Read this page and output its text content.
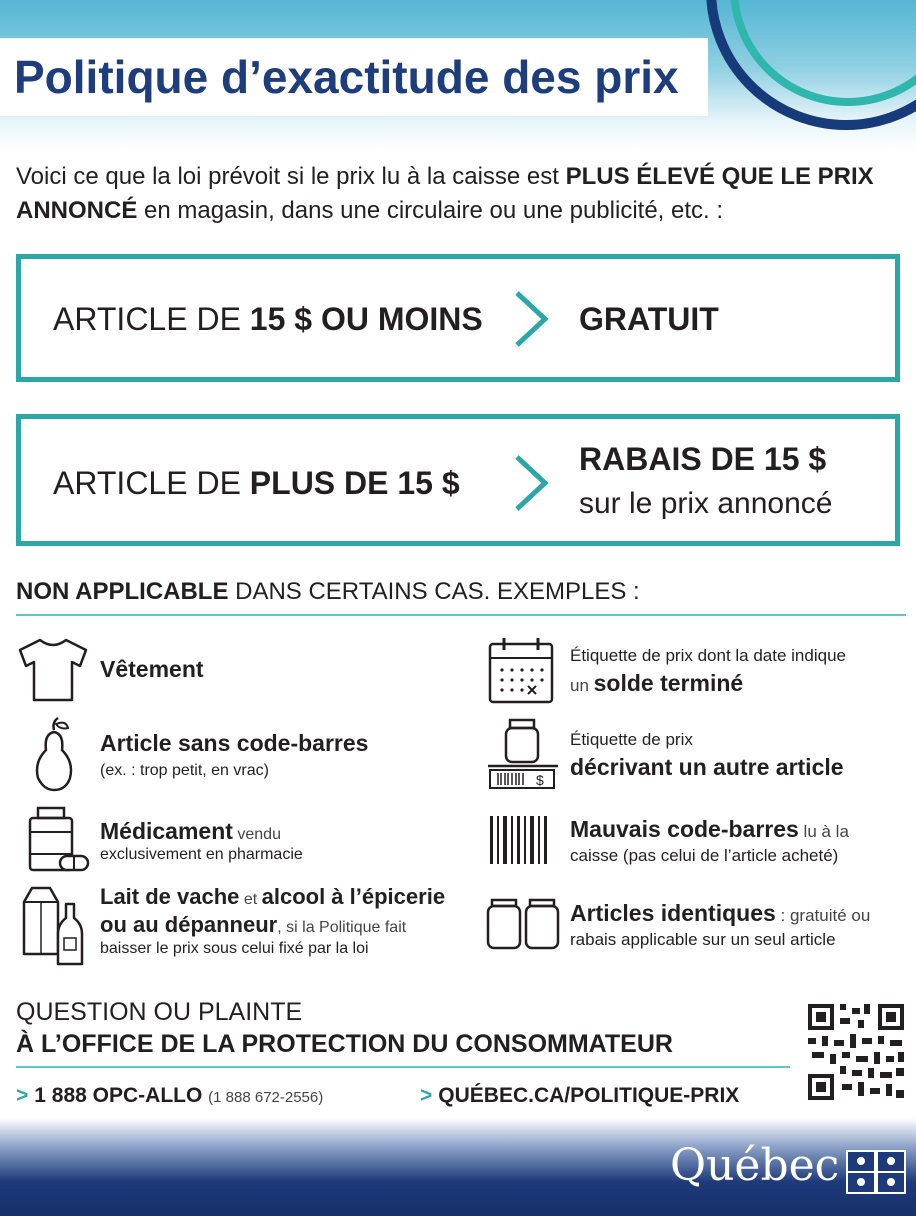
Politique d’exactitude des prix
Voici ce que la loi prévoit si le prix lu à la caisse est PLUS ÉLEVÉ QUE LE PRIX ANNONCÉ en magasin, dans une circulaire ou une publicité, etc. :
ARTICLE DE 15 $ OU MOINS	GRATUIT
ARTICLE DE PLUS DE 15 $
RABAIS DE 15 $
sur le prix annoncé
NON APPLICABLE DANS CERTAINS CAS. EXEMPLES :
Vêtement
Article sans code-barres
(ex. : trop petit, en vrac)
Médicament vendu
exclusivement en pharmacie
Lait de vache et alcool à l’épicerie
ou au dépanneur, si la Politique fait
baisser le prix sous celui fixé par la loi
Étiquette de prix dont la date indique
un solde terminé
$
Étiquette de prix
décrivant un autre article
Mauvais code-barres lu à la
caisse (pas celui de l’article acheté)
Articles identiques : gratuité ou
rabais applicable sur un seul article
QUESTION OU PLAINTE
À L’OFFICE DE LA PROTECTION DU CONSOMMATEUR
> 1 888 OPC-ALLO (1 888 672-2556)	> QUÉBEC.CA/POLITIQUE-PRIX
Québec
